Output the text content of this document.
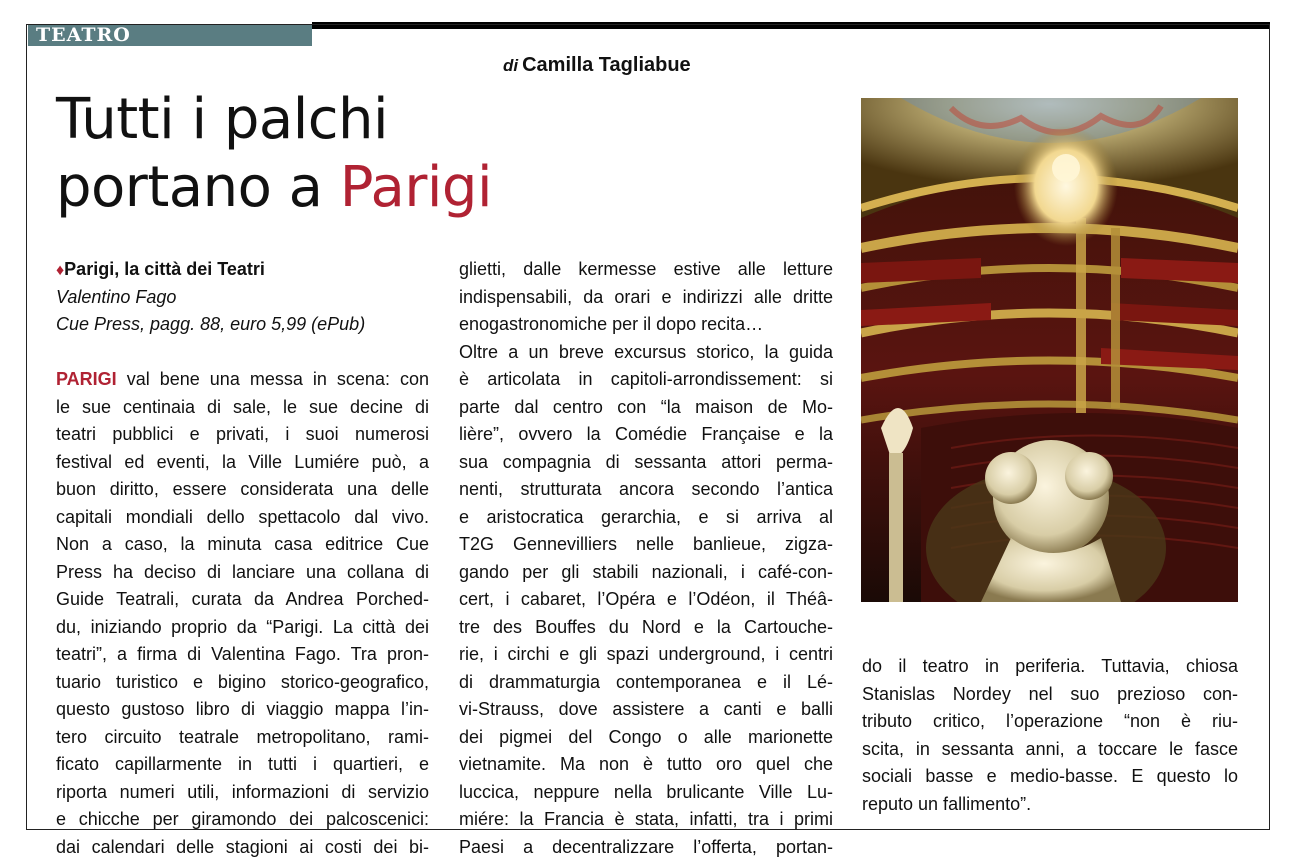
TEATRO
di Camilla Tagliabue
Tutti i palchi
portano a Parigi
♦Parigi, la città dei Teatri
Valentino Fago
Cue Press, pagg. 88, euro 5,99 (ePub)
PARIGI val bene una messa in scena: con
le sue centinaia di sale, le sue decine di
teatri pubblici e privati, i suoi numerosi
festival ed eventi, la Ville Lumiére può, a
buon diritto, essere considerata una delle
capitali mondiali dello spettacolo dal vivo.
Non a caso, la minuta casa editrice Cue
Press ha deciso di lanciare una collana di
Guide Teatrali, curata da Andrea Porched-
du, iniziando proprio da “Parigi. La città dei
teatri”, a firma di Valentina Fago. Tra pron-
tuario turistico e bigino storico-geografico,
questo gustoso libro di viaggio mappa l’in-
tero circuito teatrale metropolitano, rami-
ficato capillarmente in tutti i quartieri, e
riporta numeri utili, informazioni di servizio
e chicche per giramondo dei palcoscenici:
dai calendari delle stagioni ai costi dei bi-
glietti, dalle kermesse estive alle letture
indispensabili, da orari e indirizzi alle dritte
enogastronomiche per il dopo recita…
Oltre a un breve excursus storico, la guida
è articolata in capitoli-arrondissement: si
parte dal centro con “la maison de Mo-
lière”, ovvero la Comédie Française e la
sua compagnia di sessanta attori perma-
nenti, strutturata ancora secondo l’antica
e aristocratica gerarchia, e si arriva al
T2G Gennevilliers nelle banlieue, zigza-
gando per gli stabili nazionali, i café-con-
cert, i cabaret, l’Opéra e l’Odéon, il Théâ-
tre des Bouffes du Nord e la Cartouche-
rie, i circhi e gli spazi underground, i centri
di drammaturgia contemporanea e il Lé-
vi-Strauss, dove assistere a canti e balli
dei pigmei del Congo o alle marionette
vietnamite. Ma non è tutto oro quel che
luccica, neppure nella brulicante Ville Lu-
miére: la Francia è stata, infatti, tra i primi
Paesi a decentralizzare l’offerta, portan-
do il teatro in periferia. Tuttavia, chiosa
Stanislas Nordey nel suo prezioso con-
tributo critico, l’operazione “non è riu-
scita, in sessanta anni, a toccare le fasce
sociali basse e medio-basse. E questo lo
reputo un fallimento”.
